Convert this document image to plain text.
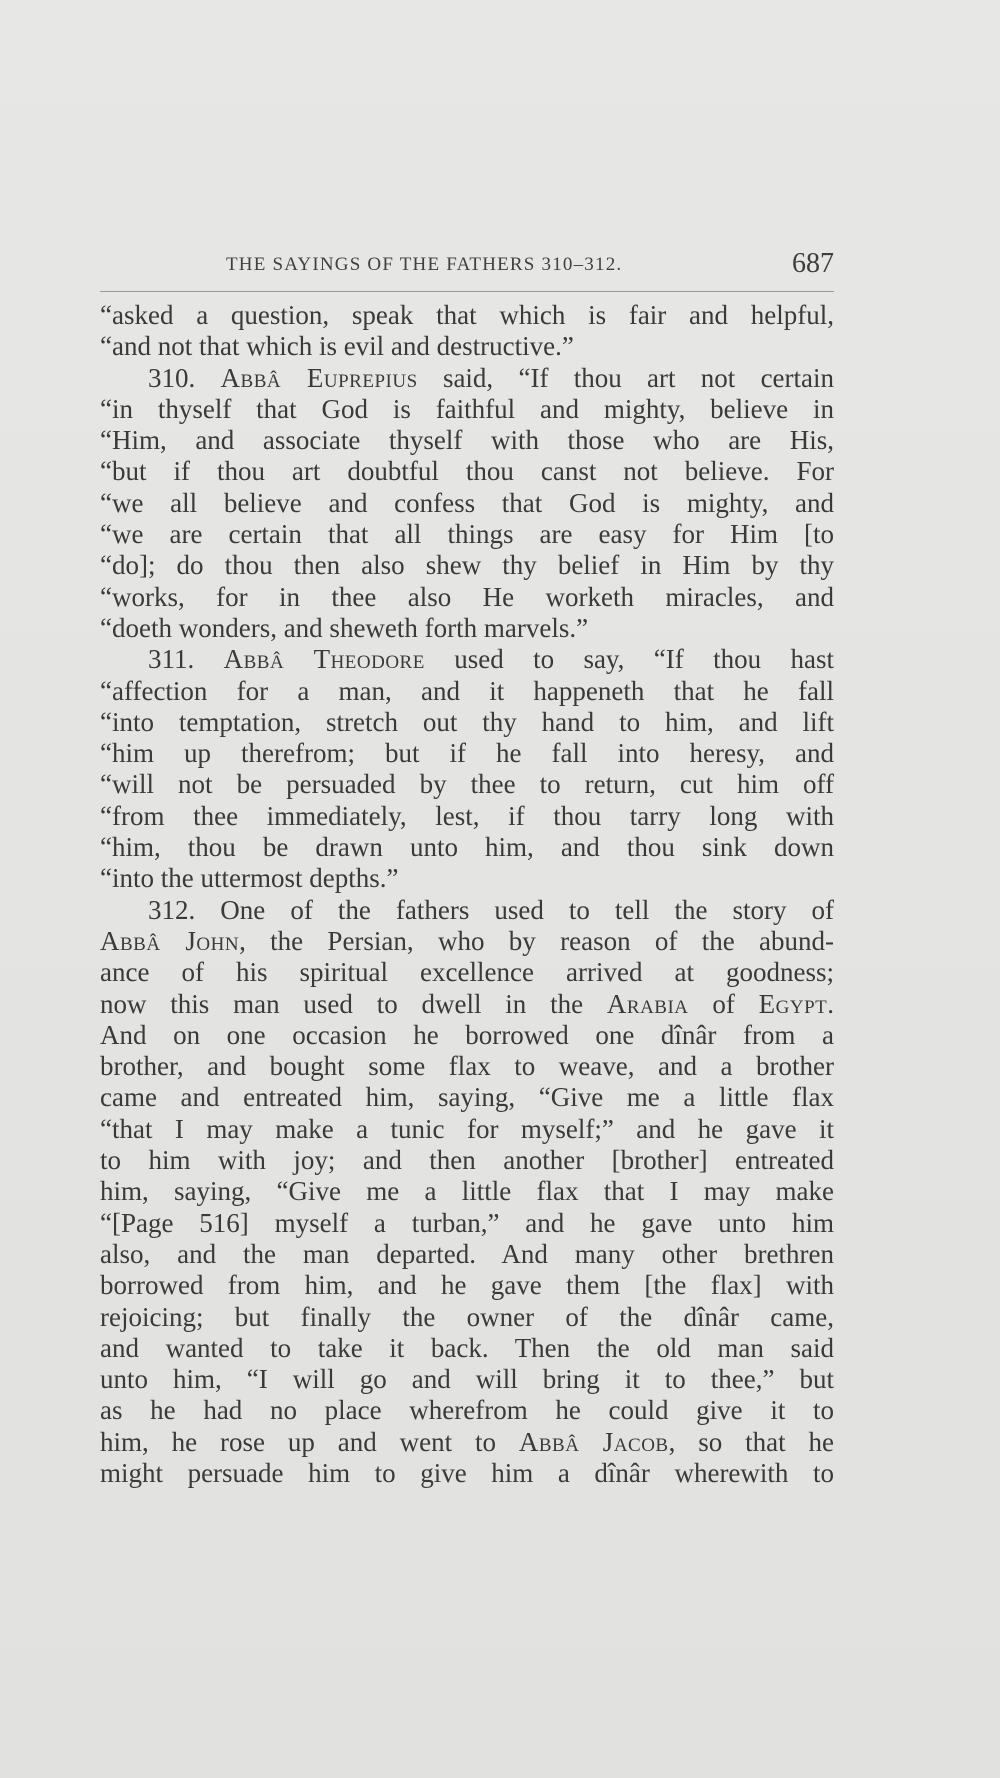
THE SAYINGS OF THE FATHERS 310–312.	687
“asked a question, speak that which is fair and helpful,
“and not that which is evil and destructive.”
310. Abbâ Euprepius said, “If thou art not certain
“in thyself that God is faithful and mighty, believe in
“Him, and associate thyself with those who are His,
“but if thou art doubtful thou canst not believe. For
“we all believe and confess that God is mighty, and
“we are certain that all things are easy for Him [to
“do]; do thou then also shew thy belief in Him by thy
“works, for in thee also He worketh miracles, and
“doeth wonders, and sheweth forth marvels.”
311. Abbâ Theodore used to say, “If thou hast
“affection for a man, and it happeneth that he fall
“into temptation, stretch out thy hand to him, and lift
“him up therefrom; but if he fall into heresy, and
“will not be persuaded by thee to return, cut him off
“from thee immediately, lest, if thou tarry long with
“him, thou be drawn unto him, and thou sink down
“into the uttermost depths.”
312. One of the fathers used to tell the story of
Abbâ John, the Persian, who by reason of the abund-
ance of his spiritual excellence arrived at goodness;
now this man used to dwell in the Arabia of Egypt.
And on one occasion he borrowed one dînâr from a
brother, and bought some flax to weave, and a brother
came and entreated him, saying, “Give me a little flax
“that I may make a tunic for myself;” and he gave it
to him with joy; and then another [brother] entreated
him, saying, “Give me a little flax that I may make
“[Page 516] myself a turban,” and he gave unto him
also, and the man departed. And many other brethren
borrowed from him, and he gave them [the flax] with
rejoicing; but finally the owner of the dînâr came,
and wanted to take it back. Then the old man said
unto him, “I will go and will bring it to thee,” but
as he had no place wherefrom he could give it to
him, he rose up and went to Abbâ Jacob, so that he
might persuade him to give him a dînâr wherewith to
